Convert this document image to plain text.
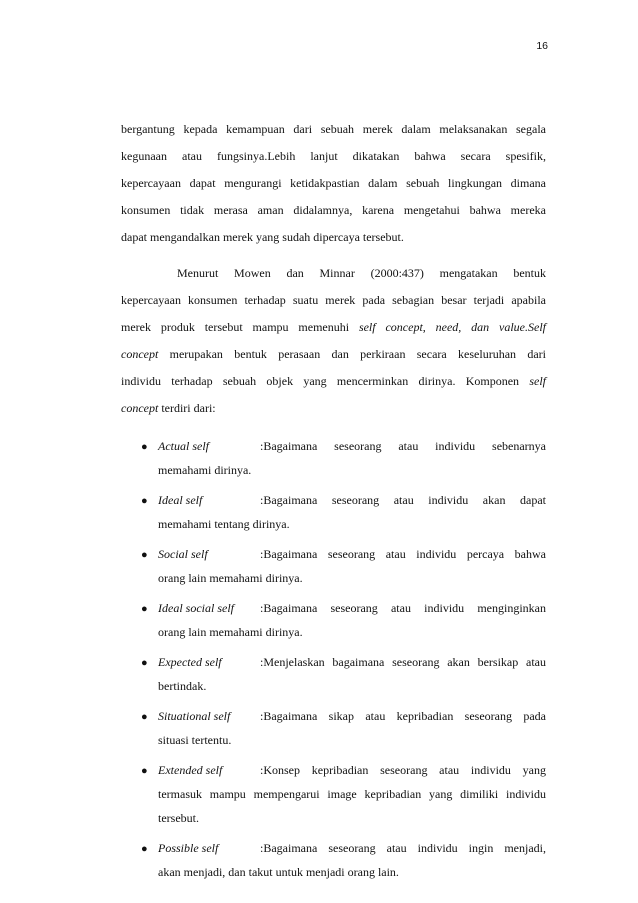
16

bergantung kepada kemampuan dari sebuah merek dalam melaksanakan segala
kegunaan atau fungsinya.Lebih lanjut dikatakan bahwa secara spesifik,
kepercayaan dapat mengurangi ketidakpastian dalam sebuah lingkungan dimana
konsumen tidak merasa aman didalamnya, karena mengetahui bahwa mereka
dapat mengandalkan merek yang sudah dipercaya tersebut.

Menurut Mowen dan Minnar (2000:437) mengatakan bentuk
kepercayaan konsumen terhadap suatu merek pada sebagian besar terjadi apabila
merek produk tersebut mampu memenuhi self concept, need, dan value.Self
concept merupakan bentuk perasaan dan perkiraan secara keseluruhan dari
individu terhadap sebuah objek yang mencerminkan dirinya. Komponen self
concept terdiri dari:

● Actual self	:Bagaimana seseorang atau individu sebenarnya
memahami dirinya.
● Ideal self	:Bagaimana seseorang atau individu akan dapat
memahami tentang dirinya.
● Social self	:Bagaimana seseorang atau individu percaya bahwa
orang lain memahami dirinya.
● Ideal social self	:Bagaimana seseorang atau individu menginginkan
orang lain memahami dirinya.
● Expected self	:Menjelaskan bagaimana seseorang akan bersikap atau
bertindak.
● Situational self	:Bagaimana sikap atau kepribadian seseorang pada
situasi tertentu.
● Extended self	:Konsep kepribadian seseorang atau individu yang
termasuk mampu mempengarui image kepribadian yang dimiliki individu
tersebut.
● Possible self	:Bagaimana seseorang atau individu ingin menjadi,
akan menjadi, dan takut untuk menjadi orang lain.
